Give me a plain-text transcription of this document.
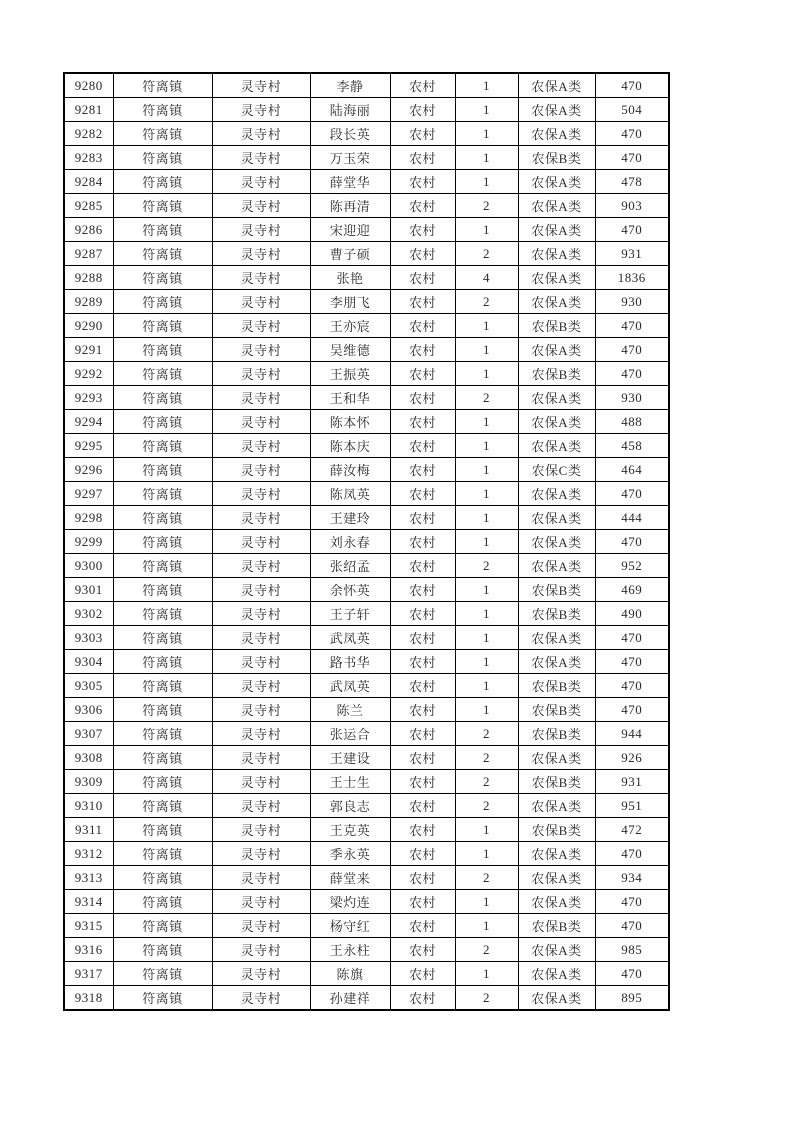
9280	符离镇	灵寺村	李静	农村	1	农保A类	470
9281	符离镇	灵寺村	陆海丽	农村	1	农保A类	504
9282	符离镇	灵寺村	段长英	农村	1	农保A类	470
9283	符离镇	灵寺村	万玉荣	农村	1	农保B类	470
9284	符离镇	灵寺村	薛堂华	农村	1	农保A类	478
9285	符离镇	灵寺村	陈再清	农村	2	农保A类	903
9286	符离镇	灵寺村	宋迎迎	农村	1	农保A类	470
9287	符离镇	灵寺村	曹子硕	农村	2	农保A类	931
9288	符离镇	灵寺村	张艳	农村	4	农保A类	1836
9289	符离镇	灵寺村	李朋飞	农村	2	农保A类	930
9290	符离镇	灵寺村	王亦宸	农村	1	农保B类	470
9291	符离镇	灵寺村	吴维德	农村	1	农保A类	470
9292	符离镇	灵寺村	王振英	农村	1	农保B类	470
9293	符离镇	灵寺村	王和华	农村	2	农保A类	930
9294	符离镇	灵寺村	陈本怀	农村	1	农保A类	488
9295	符离镇	灵寺村	陈本庆	农村	1	农保A类	458
9296	符离镇	灵寺村	薛汝梅	农村	1	农保C类	464
9297	符离镇	灵寺村	陈凤英	农村	1	农保A类	470
9298	符离镇	灵寺村	王建玲	农村	1	农保A类	444
9299	符离镇	灵寺村	刘永春	农村	1	农保A类	470
9300	符离镇	灵寺村	张绍孟	农村	2	农保A类	952
9301	符离镇	灵寺村	余怀英	农村	1	农保B类	469
9302	符离镇	灵寺村	王子轩	农村	1	农保B类	490
9303	符离镇	灵寺村	武凤英	农村	1	农保A类	470
9304	符离镇	灵寺村	路书华	农村	1	农保A类	470
9305	符离镇	灵寺村	武凤英	农村	1	农保B类	470
9306	符离镇	灵寺村	陈兰	农村	1	农保B类	470
9307	符离镇	灵寺村	张运合	农村	2	农保B类	944
9308	符离镇	灵寺村	王建设	农村	2	农保A类	926
9309	符离镇	灵寺村	王士生	农村	2	农保B类	931
9310	符离镇	灵寺村	郭良志	农村	2	农保A类	951
9311	符离镇	灵寺村	王克英	农村	1	农保B类	472
9312	符离镇	灵寺村	季永英	农村	1	农保A类	470
9313	符离镇	灵寺村	薛堂来	农村	2	农保A类	934
9314	符离镇	灵寺村	梁灼连	农村	1	农保A类	470
9315	符离镇	灵寺村	杨守红	农村	1	农保B类	470
9316	符离镇	灵寺村	王永柱	农村	2	农保A类	985
9317	符离镇	灵寺村	陈旗	农村	1	农保A类	470
9318	符离镇	灵寺村	孙建祥	农村	2	农保A类	895
